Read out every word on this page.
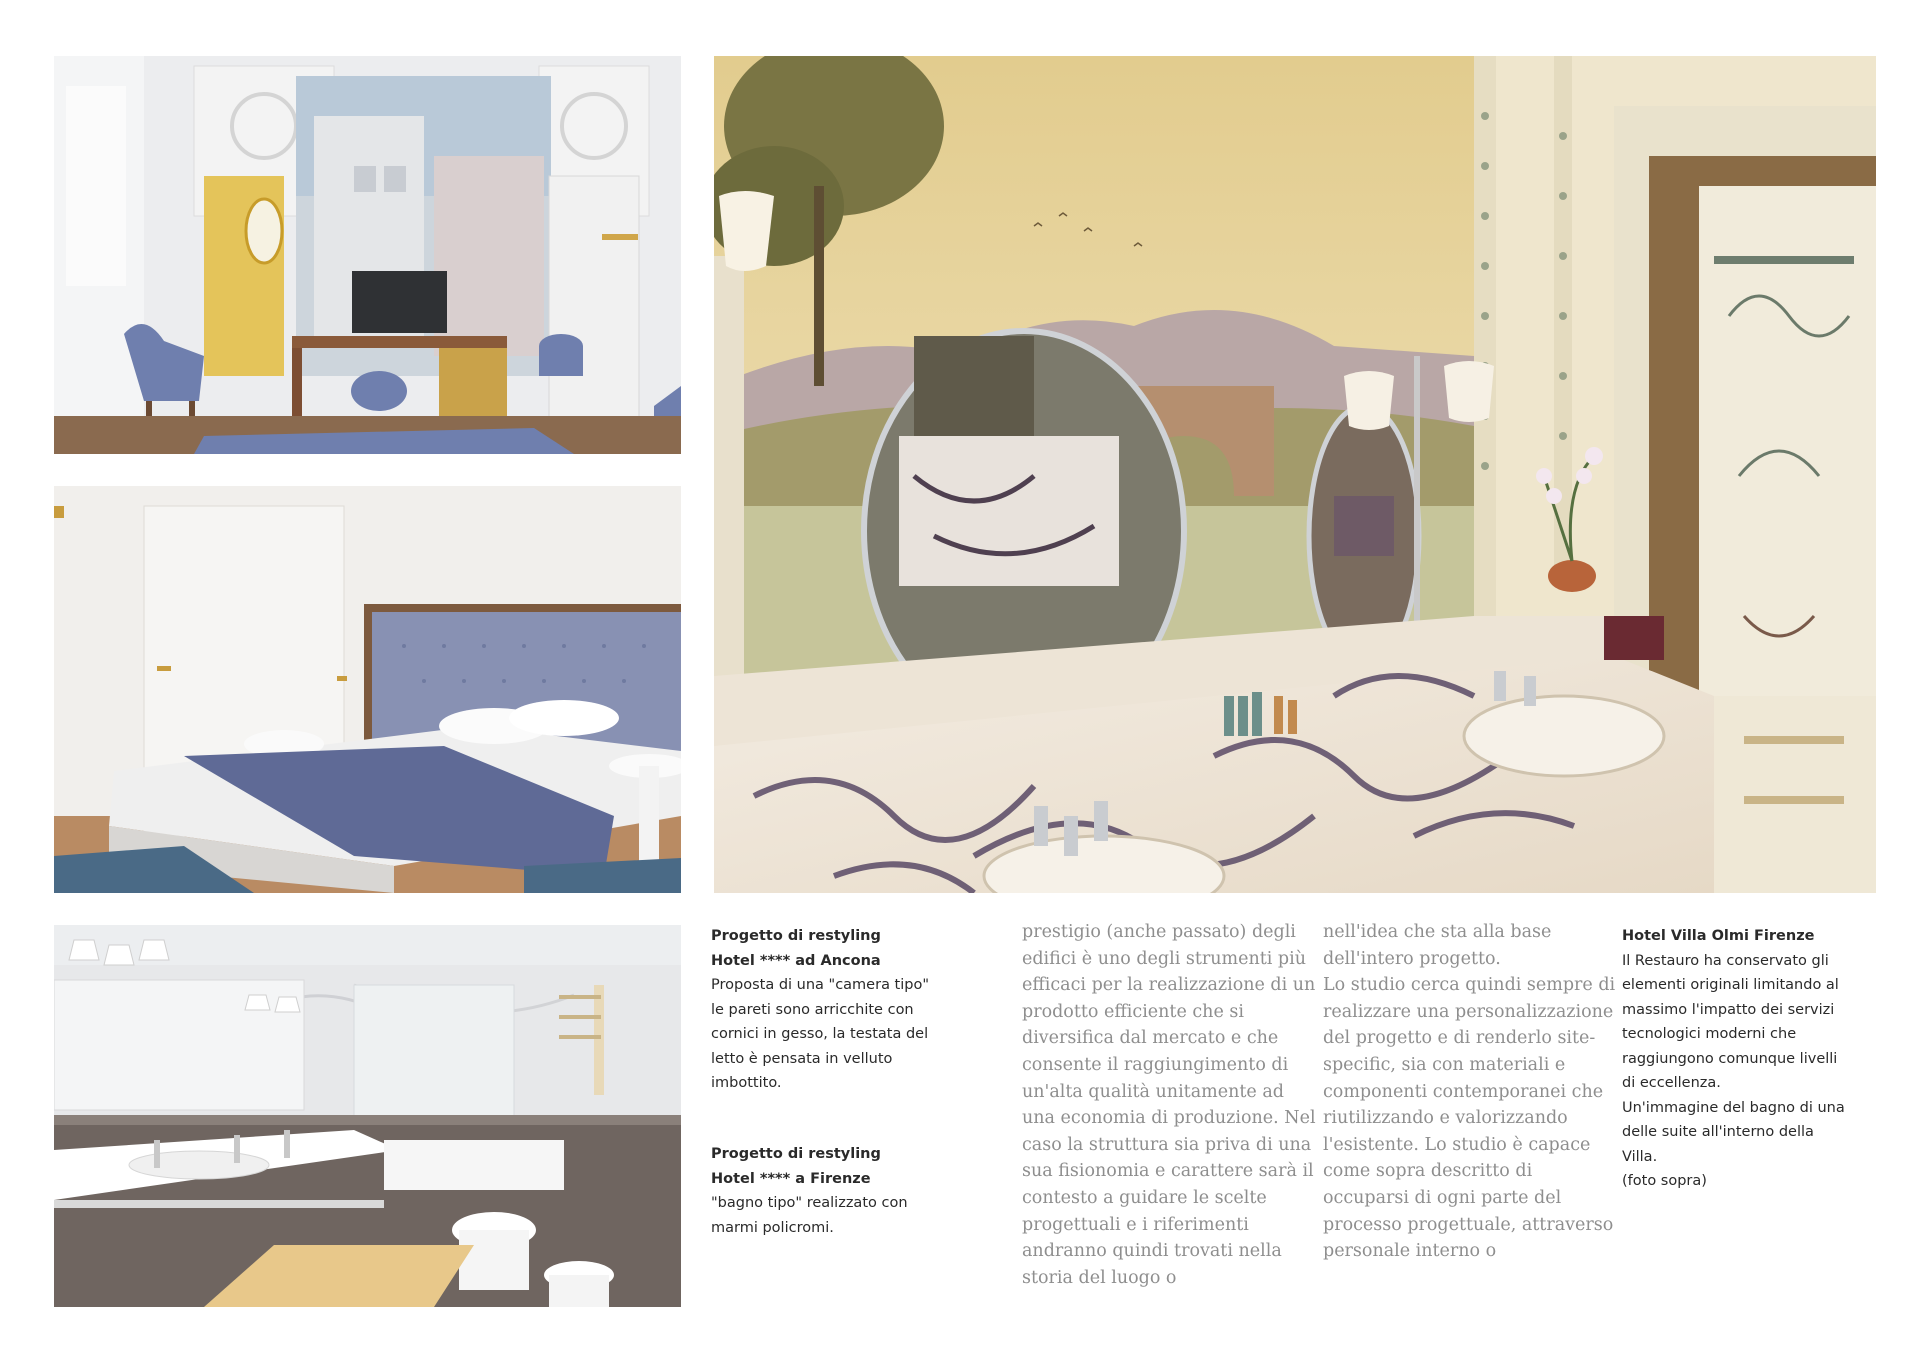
Progetto di restyling
Hotel **** ad Ancona
Proposta di una "camera tipo" le pareti sono arricchite con cornici in gesso, la testata del letto è pensata in velluto imbottito.
Progetto di restyling
Hotel **** a Firenze
"bagno tipo" realizzato con marmi policromi.

prestigio (anche passato) degli edifici è uno degli strumenti più efficaci per la realizzazione di un prodotto efficiente che si diversifica dal mercato e che consente il raggiungimento di un'alta qualità unitamente ad una economia di produzione. Nel caso la struttura sia priva di una sua fisionomia e carattere sarà il contesto a guidare le scelte progettuali e i riferimenti andranno quindi trovati nella storia del luogo o

nell'idea che sta alla base dell'intero progetto.

Lo studio cerca quindi sempre di realizzare una personalizzazione del progetto e di renderlo site-specific, sia con materiali e componenti contemporanei che riutilizzando e valorizzando l'esistente. Lo studio è capace come sopra descritto di occuparsi di ogni parte del processo progettuale, attraverso personale interno o

Hotel Villa Olmi Firenze
Il Restauro ha conservato gli elementi originali limitando al massimo l'impatto dei servizi tecnologici moderni che raggiungono comunque livelli di eccellenza.
Un'immagine del bagno di una delle suite all'interno della Villa.
(foto sopra)
